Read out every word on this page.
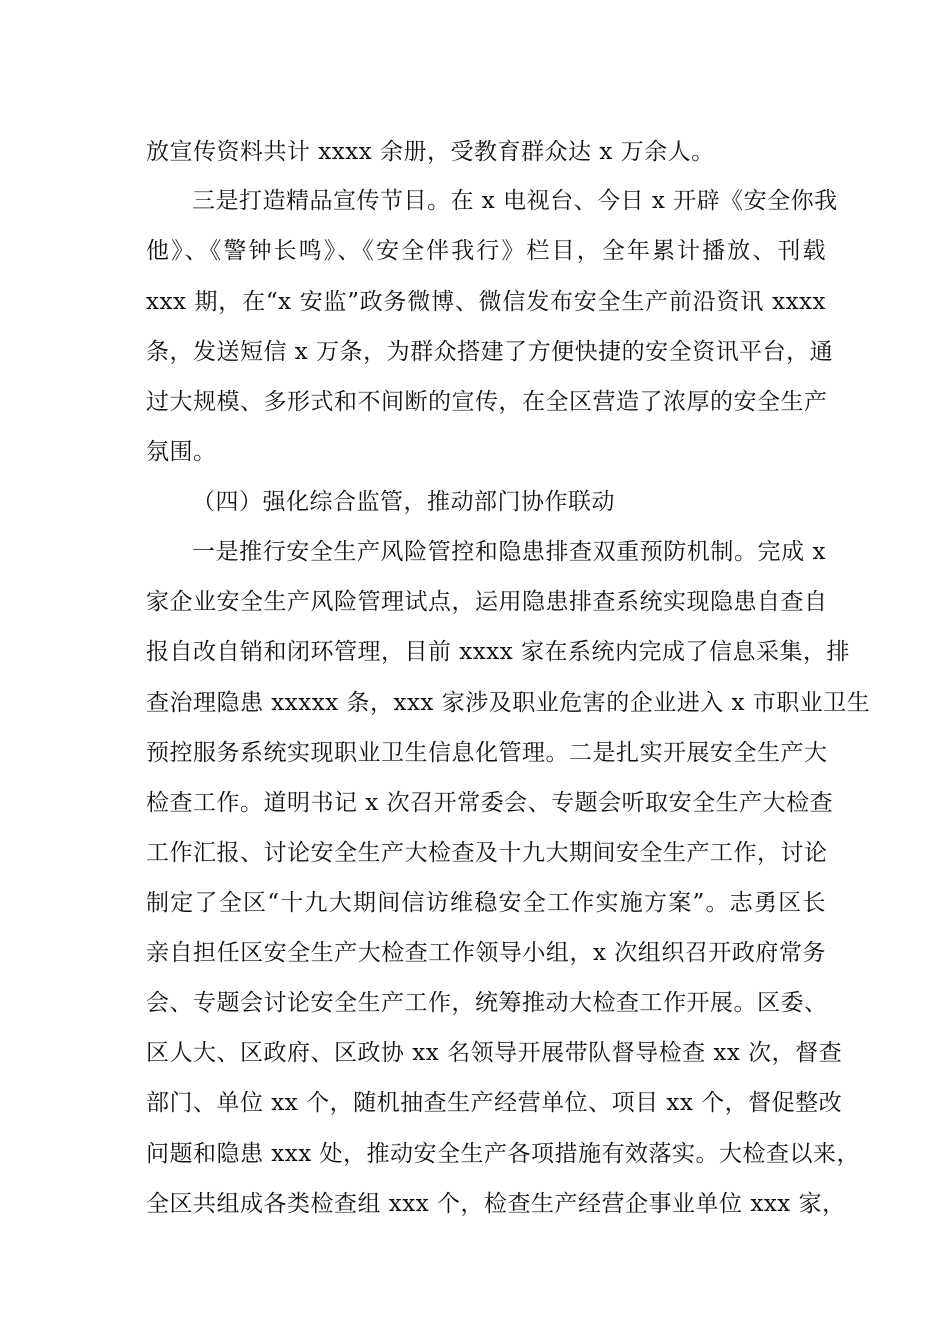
放宣传资料共计 xxxx 余册，受教育群众达 x 万余人。
三是打造精品宣传节目。在 x 电视台、今日 x 开辟《安全你我
他》、《警钟长鸣》、《安全伴我行》栏目，全年累计播放、刊载
xxx 期，在“x 安监”政务微博、微信发布安全生产前沿资讯 xxxx
条，发送短信 x 万条，为群众搭建了方便快捷的安全资讯平台，通
过大规模、多形式和不间断的宣传，在全区营造了浓厚的安全生产
氛围。
（四）强化综合监管，推动部门协作联动
一是推行安全生产风险管控和隐患排查双重预防机制。完成 x
家企业安全生产风险管理试点，运用隐患排查系统实现隐患自查自
报自改自销和闭环管理，目前 xxxx 家在系统内完成了信息采集，排
查治理隐患 xxxxx 条，xxx 家涉及职业危害的企业进入 x 市职业卫生
预控服务系统实现职业卫生信息化管理。二是扎实开展安全生产大
检查工作。道明书记 x 次召开常委会、专题会听取安全生产大检查
工作汇报、讨论安全生产大检查及十九大期间安全生产工作，讨论
制定了全区“十九大期间信访维稳安全工作实施方案”。志勇区长
亲自担任区安全生产大检查工作领导小组，x 次组织召开政府常务
会、专题会讨论安全生产工作，统筹推动大检查工作开展。区委、
区人大、区政府、区政协 xx 名领导开展带队督导检查 xx 次，督查
部门、单位 xx 个，随机抽查生产经营单位、项目 xx 个，督促整改
问题和隐患 xxx 处，推动安全生产各项措施有效落实。大检查以来，
全区共组成各类检查组 xxx 个，检查生产经营企事业单位 xxx 家，
